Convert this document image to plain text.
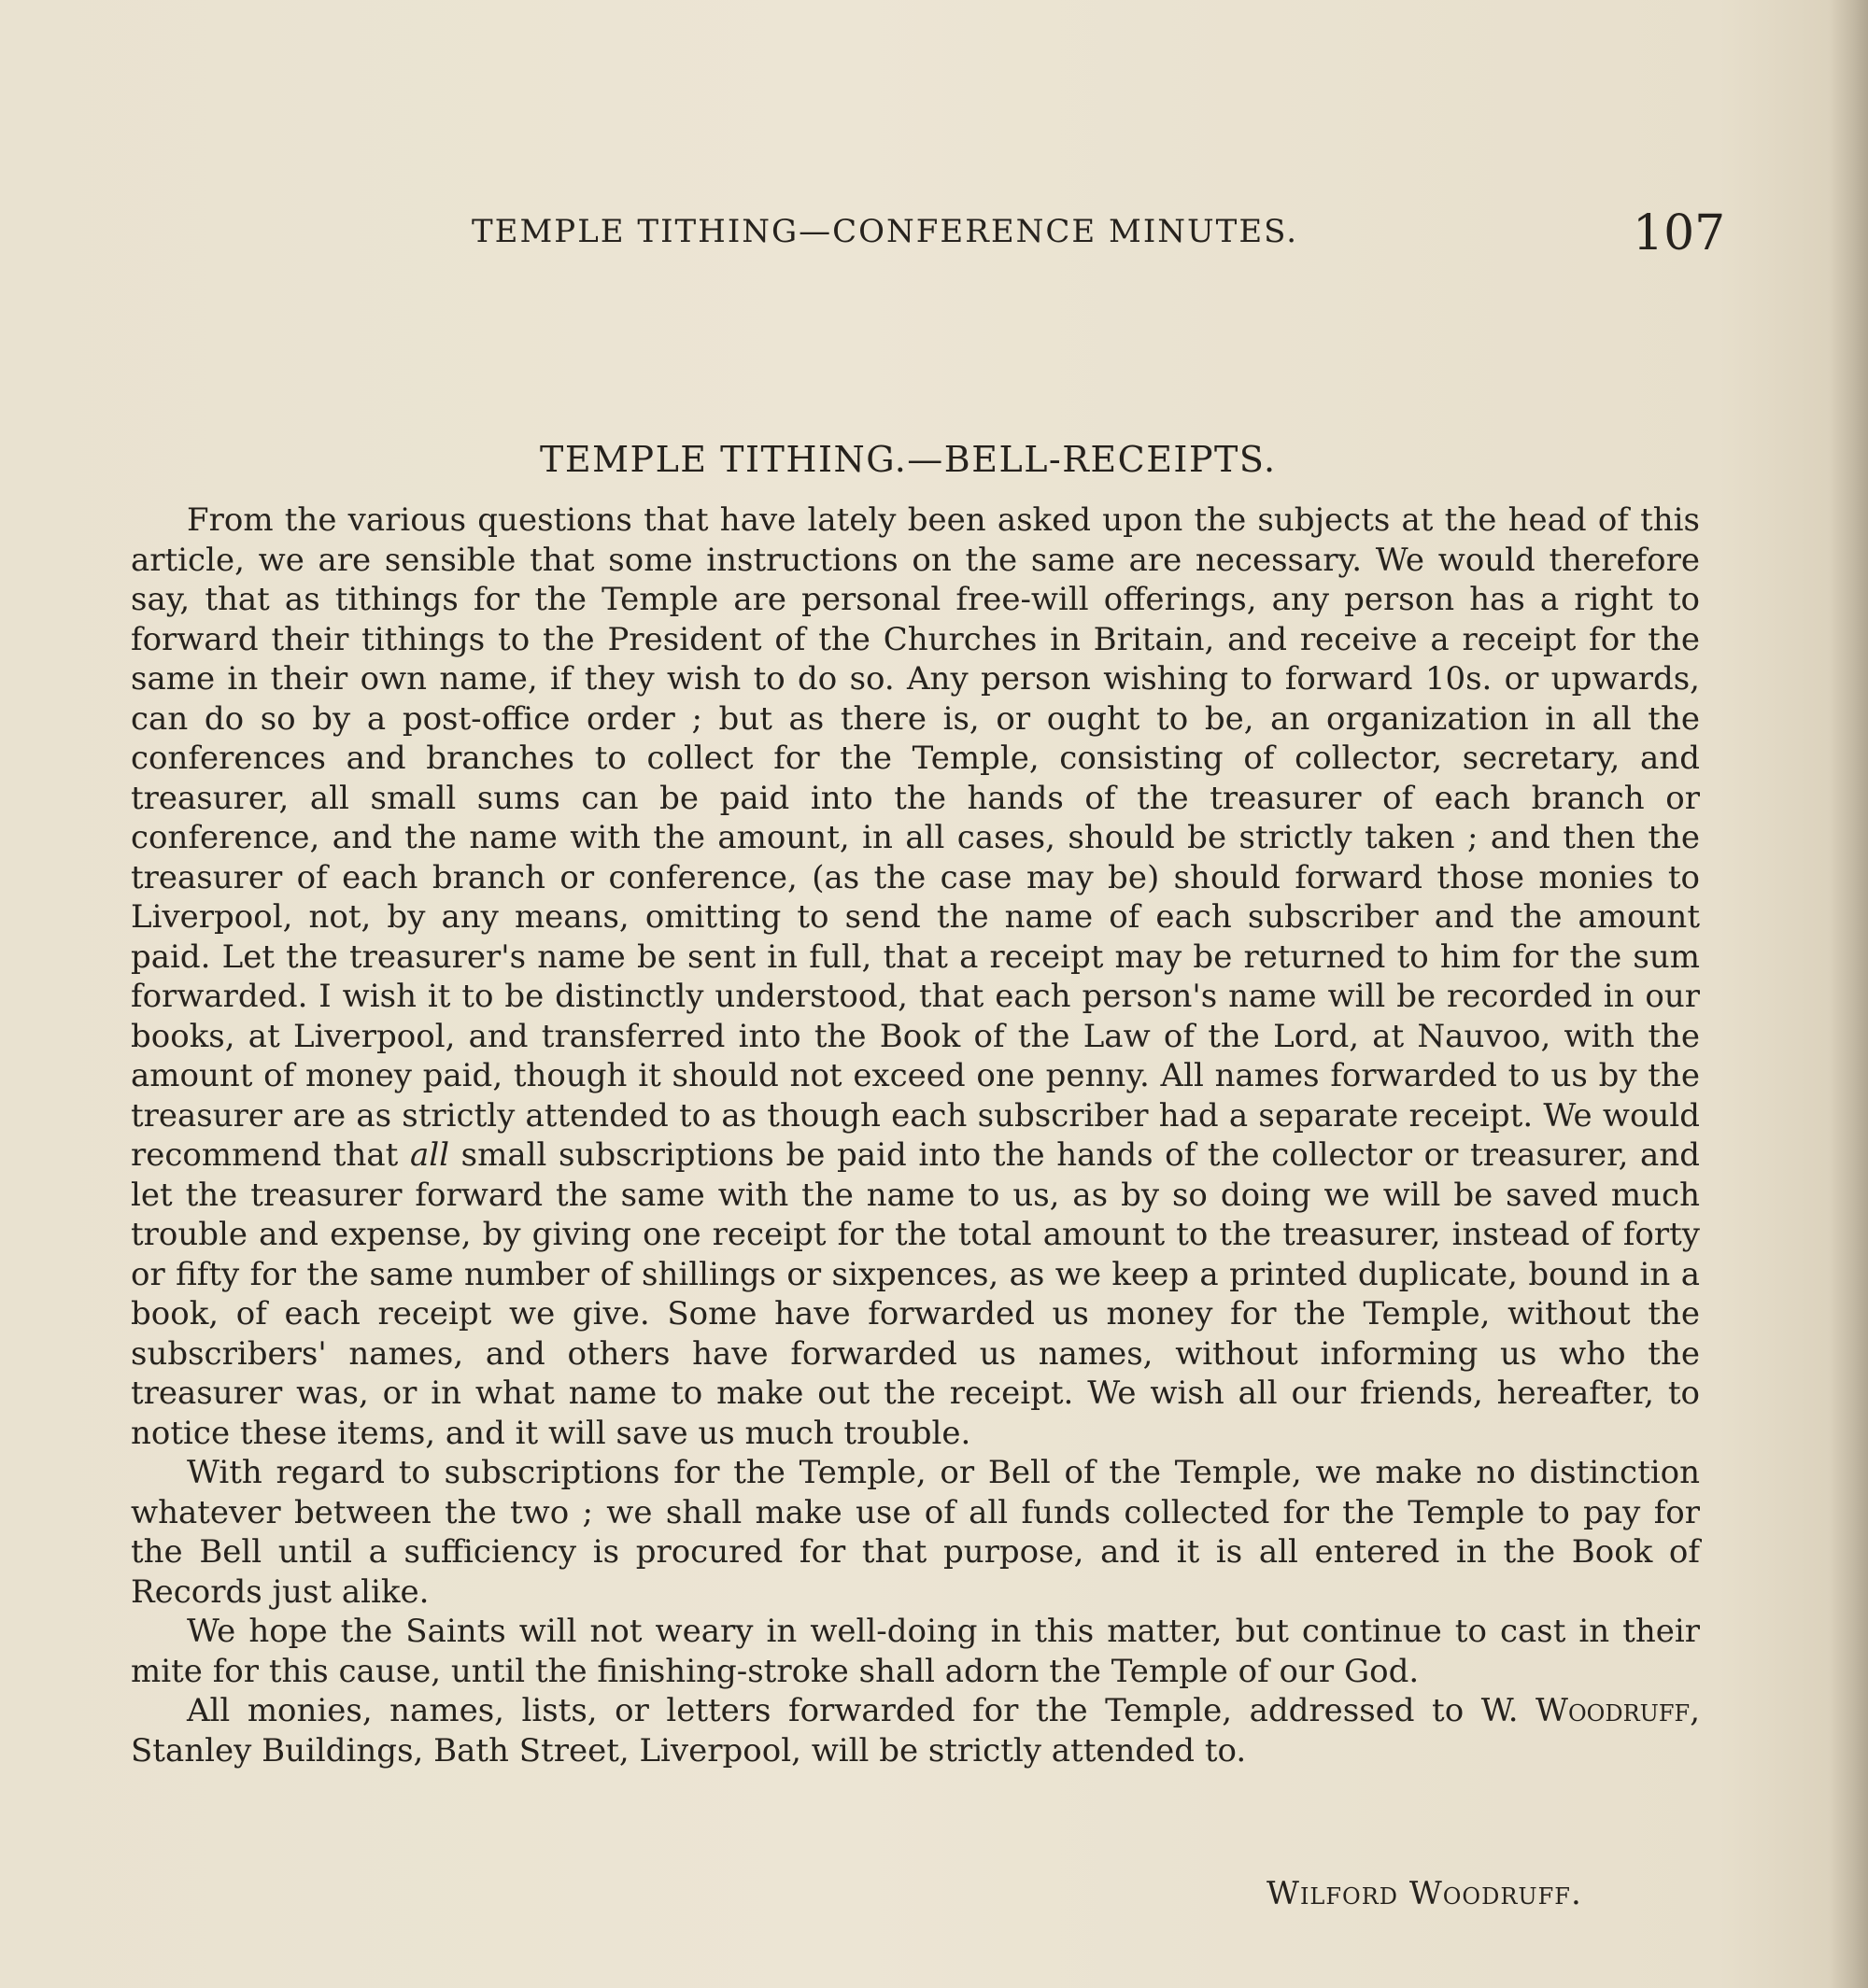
TEMPLE TITHING—CONFERENCE MINUTES.	107
TEMPLE TITHING.—BELL-RECEIPTS.

From the various questions that have lately been asked upon the subjects at the head of this article, we are sensible that some instructions on the same are necessary. We would therefore say, that as tithings for the Temple are personal free-will offerings, any person has a right to forward their tithings to the President of the Churches in Britain, and receive a receipt for the same in their own name, if they wish to do so. Any person wishing to forward 10s. or upwards, can do so by a post-office order ; but as there is, or ought to be, an organization in all the conferences and branches to collect for the Temple, consisting of collector, secretary, and treasurer, all small sums can be paid into the hands of the treasurer of each branch or conference, and the name with the amount, in all cases, should be strictly taken ; and then the treasurer of each branch or conference, (as the case may be) should forward those monies to Liverpool, not, by any means, omitting to send the name of each subscriber and the amount paid. Let the treasurer's name be sent in full, that a receipt may be returned to him for the sum forwarded. I wish it to be distinctly understood, that each person's name will be recorded in our books, at Liverpool, and transferred into the Book of the Law of the Lord, at Nauvoo, with the amount of money paid, though it should not exceed one penny. All names forwarded to us by the treasurer are as strictly attended to as though each subscriber had a separate receipt. We would recommend that all small subscriptions be paid into the hands of the collector or treasurer, and let the treasurer forward the same with the name to us, as by so doing we will be saved much trouble and expense, by giving one receipt for the total amount to the treasurer, instead of forty or fifty for the same number of shillings or sixpences, as we keep a printed duplicate, bound in a book, of each receipt we give. Some have forwarded us money for the Temple, without the subscribers' names, and others have forwarded us names, without informing us who the treasurer was, or in what name to make out the receipt. We wish all our friends, hereafter, to notice these items, and it will save us much trouble.

With regard to subscriptions for the Temple, or Bell of the Temple, we make no distinction whatever between the two ; we shall make use of all funds collected for the Temple to pay for the Bell until a sufficiency is procured for that purpose, and it is all entered in the Book of Records just alike.

We hope the Saints will not weary in well-doing in this matter, but continue to cast in their mite for this cause, until the finishing-stroke shall adorn the Temple of our God.

All monies, names, lists, or letters forwarded for the Temple, addressed to W. Woodruff, Stanley Buildings, Bath Street, Liverpool, will be strictly attended to.

Wilford Woodruff.
